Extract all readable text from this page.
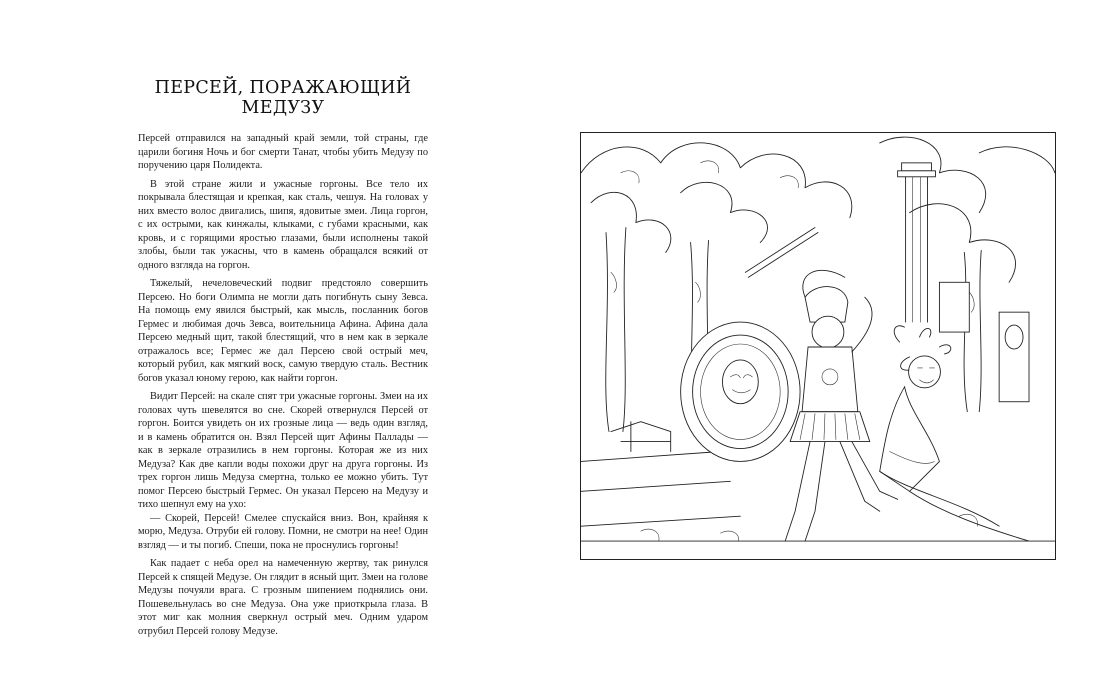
ПЕРСЕЙ, ПОРАЖАЮЩИЙ МЕДУЗУ

Персей отправился на западный край земли, той страны, где царили богиня Ночь и бог смерти Танат, чтобы убить Медузу по поручению царя Полидекта.

В этой стране жили и ужасные горгоны. Все тело их покрывала блестящая и крепкая, как сталь, чешуя. На головах у них вместо волос двигались, шипя, ядовитые змеи. Лица горгон, с их острыми, как кинжалы, клыками, с губами красными, как кровь, и с горящими яростью глазами, были исполнены такой злобы, были так ужасны, что в камень обращался всякий от одного взгляда на горгон.

Тяжелый, нечеловеческий подвиг предстояло совершить Персею. Но боги Олимпа не могли дать погибнуть сыну Зевса. На помощь ему явился быстрый, как мысль, посланник богов Гермес и любимая дочь Зевса, воительница Афина. Афина дала Персею медный щит, такой блестящий, что в нем как в зеркале отражалось все; Гермес же дал Персею свой острый меч, который рубил, как мягкий воск, самую твердую сталь. Вестник богов указал юному герою, как найти горгон.

Видит Персей: на скале спят три ужасные горгоны. Змеи на их головах чуть шевелятся во сне. Скорей отвернулся Персей от горгон. Боится увидеть он их грозные лица — ведь один взгляд, и в камень обратится он. Взял Персей щит Афины Паллады — как в зеркале отразились в нем горгоны. Которая же из них Медуза? Как две капли воды похожи друг на друга горгоны. Из трех горгон лишь Медуза смертна, только ее можно убить. Тут помог Персею быстрый Гермес. Он указал Персею на Медузу и тихо шепнул ему на ухо:

— Скорей, Персей! Смелее спускайся вниз. Вон, крайняя к морю, Медуза. Отруби ей голову. Помни, не смотри на нее! Один взгляд — и ты погиб. Спеши, пока не проснулись горгоны!

Как падает с неба орел на намеченную жертву, так ринулся Персей к спящей Медузе. Он глядит в ясный щит. Змеи на голове Медузы почуяли врага. С грозным шипением поднялись они. Пошевельнулась во сне Медуза. Она уже приоткрыла глаза. В этот миг как молния сверкнул острый меч. Одним ударом отрубил Персей голову Медузе.
